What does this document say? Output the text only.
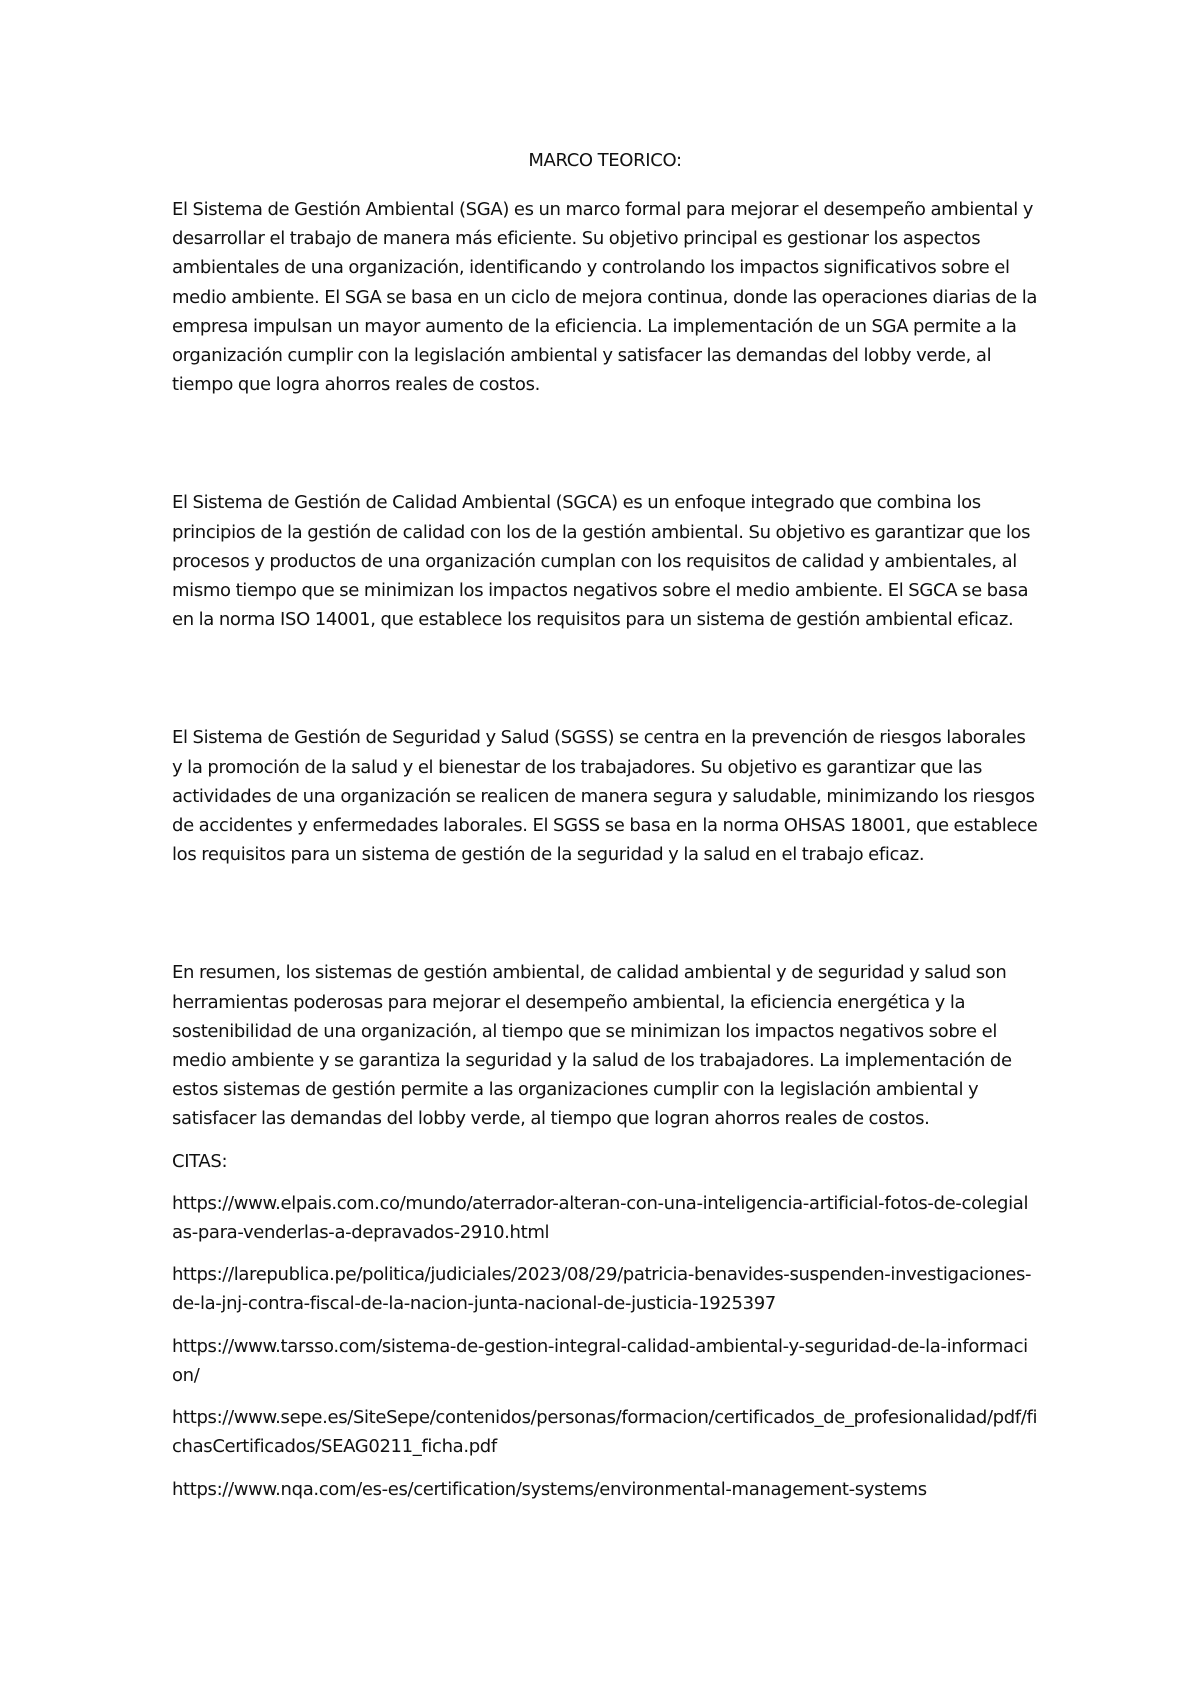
MARCO TEORICO:

El Sistema de Gestión Ambiental (SGA) es un marco formal para mejorar el desempeño ambiental y desarrollar el trabajo de manera más eficiente. Su objetivo principal es gestionar los aspectos ambientales de una organización, identificando y controlando los impactos significativos sobre el medio ambiente. El SGA se basa en un ciclo de mejora continua, donde las operaciones diarias de la empresa impulsan un mayor aumento de la eficiencia. La implementación de un SGA permite a la organización cumplir con la legislación ambiental y satisfacer las demandas del lobby verde, al tiempo que logra ahorros reales de costos.

El Sistema de Gestión de Calidad Ambiental (SGCA) es un enfoque integrado que combina los principios de la gestión de calidad con los de la gestión ambiental. Su objetivo es garantizar que los procesos y productos de una organización cumplan con los requisitos de calidad y ambientales, al mismo tiempo que se minimizan los impactos negativos sobre el medio ambiente. El SGCA se basa en la norma ISO 14001, que establece los requisitos para un sistema de gestión ambiental eficaz.

El Sistema de Gestión de Seguridad y Salud (SGSS) se centra en la prevención de riesgos laborales y la promoción de la salud y el bienestar de los trabajadores. Su objetivo es garantizar que las actividades de una organización se realicen de manera segura y saludable, minimizando los riesgos de accidentes y enfermedades laborales. El SGSS se basa en la norma OHSAS 18001, que establece los requisitos para un sistema de gestión de la seguridad y la salud en el trabajo eficaz.

En resumen, los sistemas de gestión ambiental, de calidad ambiental y de seguridad y salud son herramientas poderosas para mejorar el desempeño ambiental, la eficiencia energética y la sostenibilidad de una organización, al tiempo que se minimizan los impactos negativos sobre el medio ambiente y se garantiza la seguridad y la salud de los trabajadores. La implementación de estos sistemas de gestión permite a las organizaciones cumplir con la legislación ambiental y satisfacer las demandas del lobby verde, al tiempo que logran ahorros reales de costos.

CITAS:

https://www.elpais.com.co/mundo/aterrador-alteran-con-una-inteligencia-artificial-fotos-de-colegialas-para-venderlas-a-depravados-2910.html

https://larepublica.pe/politica/judiciales/2023/08/29/patricia-benavides-suspenden-investigaciones-de-la-jnj-contra-fiscal-de-la-nacion-junta-nacional-de-justicia-1925397

https://www.tarsso.com/sistema-de-gestion-integral-calidad-ambiental-y-seguridad-de-la-informacion/

https://www.sepe.es/SiteSepe/contenidos/personas/formacion/certificados_de_profesionalidad/pdf/fichasCertificados/SEAG0211_ficha.pdf

https://www.nqa.com/es-es/certification/systems/environmental-management-systems
